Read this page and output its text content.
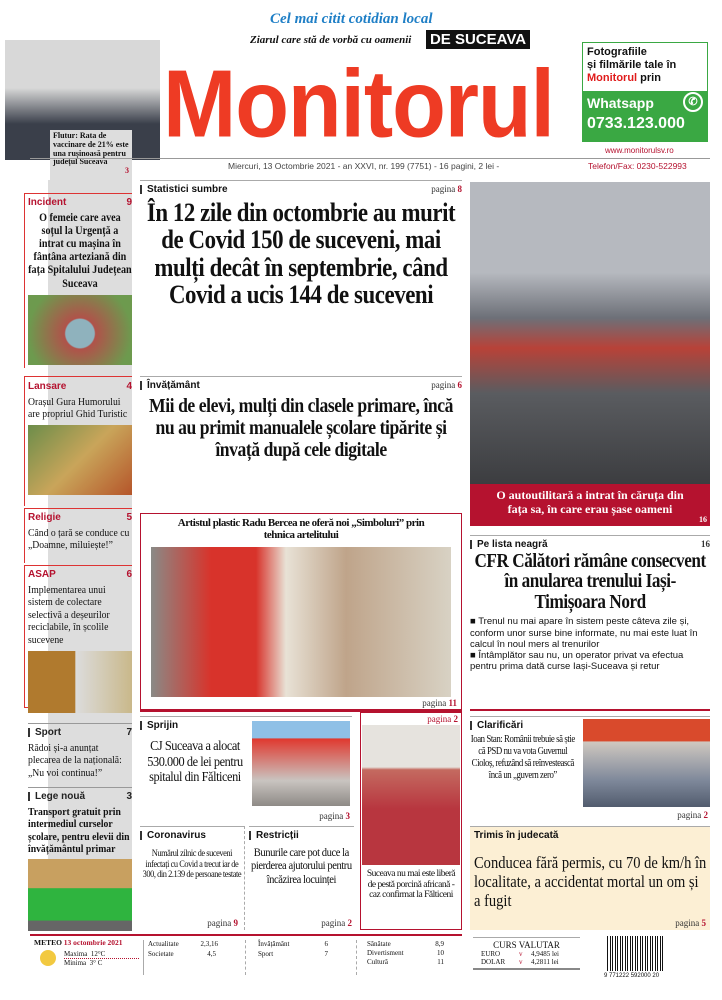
Flutur: Rata de vaccinare de 21% este una rușinoasă pentru județul Suceava
3
Cel mai citit cotidian local
Ziarul care stă de vorbă cu oamenii DE SUCEAVA
Monitorul	Fotografiile
și filmările tale în
Monitorul prin
Whatsapp
0733.123.000
✆
www.monitorulsv.ro
Miercuri, 13 Octombrie 2021 - an XXVI, nr. 199 (7751) - 16 pagini, 2 lei -	Telefon/Fax: 0230-522993
Incident	9
O femeie care avea soțul la Urgență a intrat cu mașina în fântâna arteziană din fața Spitalului Județean Suceava
Lansare	4
Orașul Gura Humorului are propriul Ghid Turistic
Religie	5
Când o țară se conduce cu „Doamne, miluiește!”
ASAP	6
Implementarea unui sistem de colectare selectivă a deșeurilor reciclabile, în școlile sucevene
Sport	7
Rădoi și-a anunțat plecarea de la națională: „Nu voi continua!”
Lege nouă	3
Transport gratuit prin intermediul curselor școlare, pentru elevii din învățământul primar
Statistici sumbre	pagina 8
În 12 zile din octombrie au murit de Covid 150 de suceveni, mai mulți decât în septembrie, când Covid a ucis 144 de suceveni
Învățământ	pagina 6
Mii de elevi, mulți din clasele primare, încă nu au primit manualele școlare tipărite și învață după cele digitale
Artistul plastic Radu Bercea ne oferă noi „Simboluri” prin tehnica artelitului
pagina 11
O autoutilitară a intrat în căruța din fața sa, în care erau șase oameni
16
Pe lista neagră	16
CFR Călători rămâne consecvent în anularea trenului Iași-Timișoara Nord
■ Trenul nu mai apare în sistem peste câteva zile și, conform unor surse bine informate, nu mai este luat în calcul în noul mers al trenurilor
■ Întâmplător sau nu, un operator privat va efectua pentru prima dată curse Iași-Suceava și retur
Sprijin
CJ Suceava a alocat 530.000 de lei pentru spitalul din Fălticeni
pagina 3
Coronavirus
Numărul zilnic de suceveni infectați cu Covid a trecut iar de 300, din 2.139 de persoane testate
pagina 9
Restricții
Bunurile care pot duce la pierderea ajutorului pentru încăzirea locuinței
pagina 2
pagina 2
Suceava nu mai este liberă de pestă porcină africană - caz confirmat la Fălticeni
Clarificări
Ioan Stan: Românii trebuie să știe că PSD nu va vota Guvernul Cioloș, refuzând să reînvestească încă un „guvern zero”
pagina 2
Trimis în judecată
Conducea fără permis, cu 70 de km/h în localitate, a accidentat mortal un om și a fugit
pagina 5
METEO 13 octombrie 2021
Maxima 12°C
Minima 3° C
Actualitate	2,3,16
Societate	4,5
Învățământ	6
Sport	7
Sănătate	8,9
Divertisment	10
Cultură	11
CURS VALUTAR
EURO	v	4,9485 lei
DOLAR	v	4,2811 lei
9 771222 592000 20
